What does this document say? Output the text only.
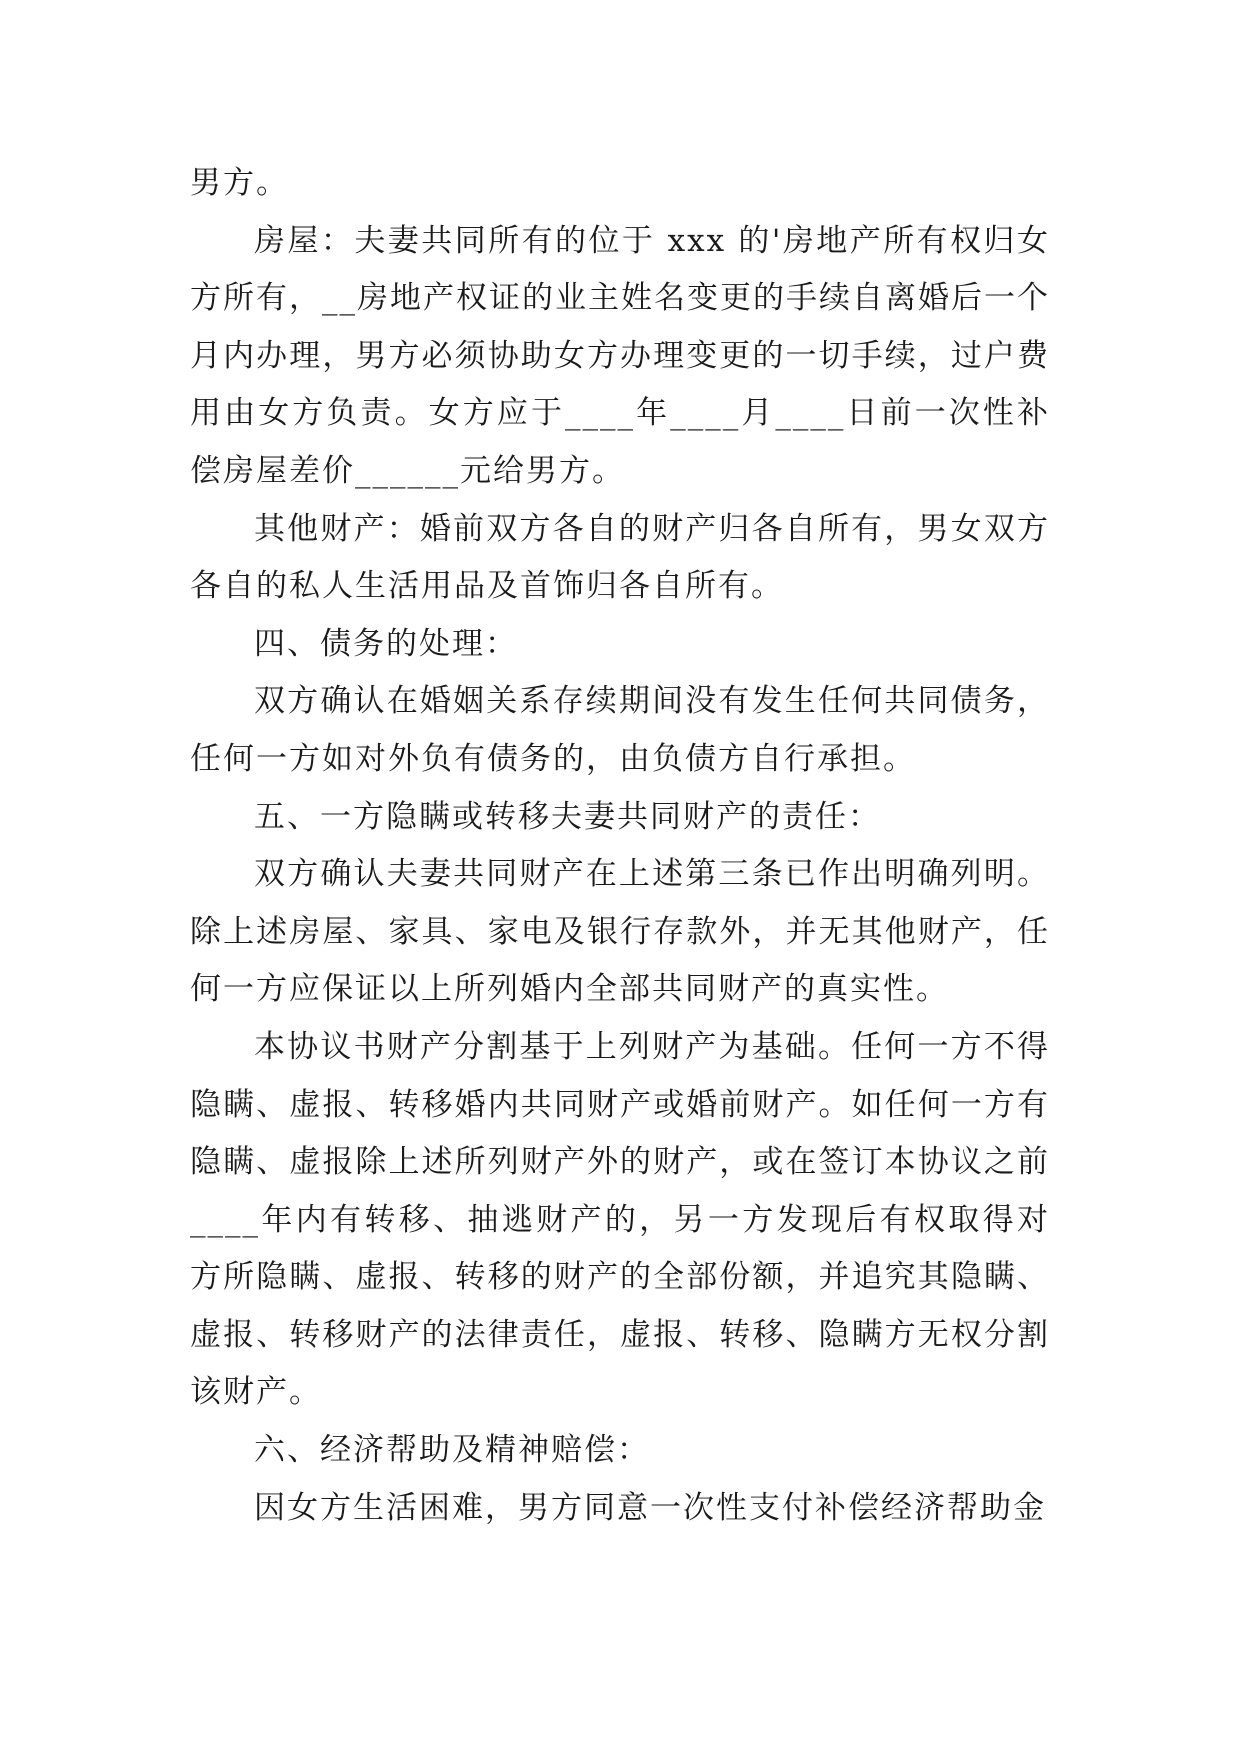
男方。

房屋：夫妻共同所有的位于 xxx 的'房地产所有权归女方所有，__房地产权证的业主姓名变更的手续自离婚后一个月内办理，男方必须协助女方办理变更的一切手续，过户费用由女方负责。女方应于____年____月____日前一次性补偿房屋差价______元给男方。

其他财产：婚前双方各自的财产归各自所有，男女双方各自的私人生活用品及首饰归各自所有。

四、债务的处理：

双方确认在婚姻关系存续期间没有发生任何共同债务，任何一方如对外负有债务的，由负债方自行承担。

五、一方隐瞒或转移夫妻共同财产的责任：

双方确认夫妻共同财产在上述第三条已作出明确列明。除上述房屋、家具、家电及银行存款外，并无其他财产，任何一方应保证以上所列婚内全部共同财产的真实性。

本协议书财产分割基于上列财产为基础。任何一方不得隐瞒、虚报、转移婚内共同财产或婚前财产。如任何一方有隐瞒、虚报除上述所列财产外的财产，或在签订本协议之前____年内有转移、抽逃财产的，另一方发现后有权取得对方所隐瞒、虚报、转移的财产的全部份额，并追究其隐瞒、虚报、转移财产的法律责任，虚报、转移、隐瞒方无权分割该财产。

六、经济帮助及精神赔偿：

因女方生活困难，男方同意一次性支付补偿经济帮助金
